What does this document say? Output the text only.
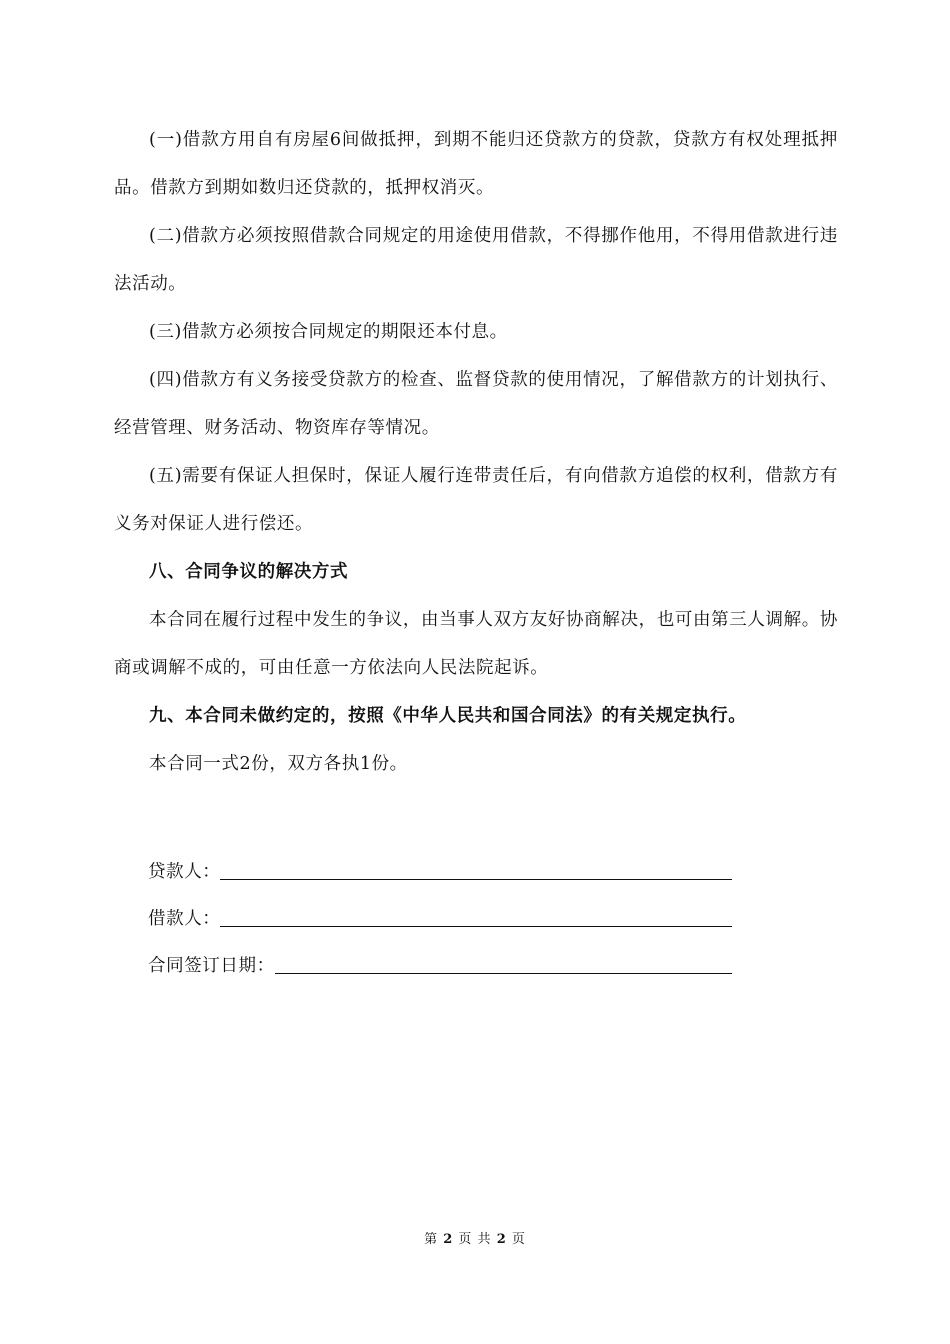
(一)借款方用自有房屋6间做抵押，到期不能归还贷款方的贷款，贷款方有权处理抵押品。借款方到期如数归还贷款的，抵押权消灭。

(二)借款方必须按照借款合同规定的用途使用借款，不得挪作他用，不得用借款进行违法活动。

(三)借款方必须按合同规定的期限还本付息。

(四)借款方有义务接受贷款方的检查、监督贷款的使用情况，了解借款方的计划执行、经营管理、财务活动、物资库存等情况。

(五)需要有保证人担保时，保证人履行连带责任后，有向借款方追偿的权利，借款方有义务对保证人进行偿还。

八、合同争议的解决方式

本合同在履行过程中发生的争议，由当事人双方友好协商解决，也可由第三人调解。协商或调解不成的，可由任意一方依法向人民法院起诉。

九、本合同未做约定的，按照《中华人民共和国合同法》的有关规定执行。

本合同一式2份，双方各执1份。

贷款人：
借款人：
合同签订日期：
第 2 页 共 2 页
